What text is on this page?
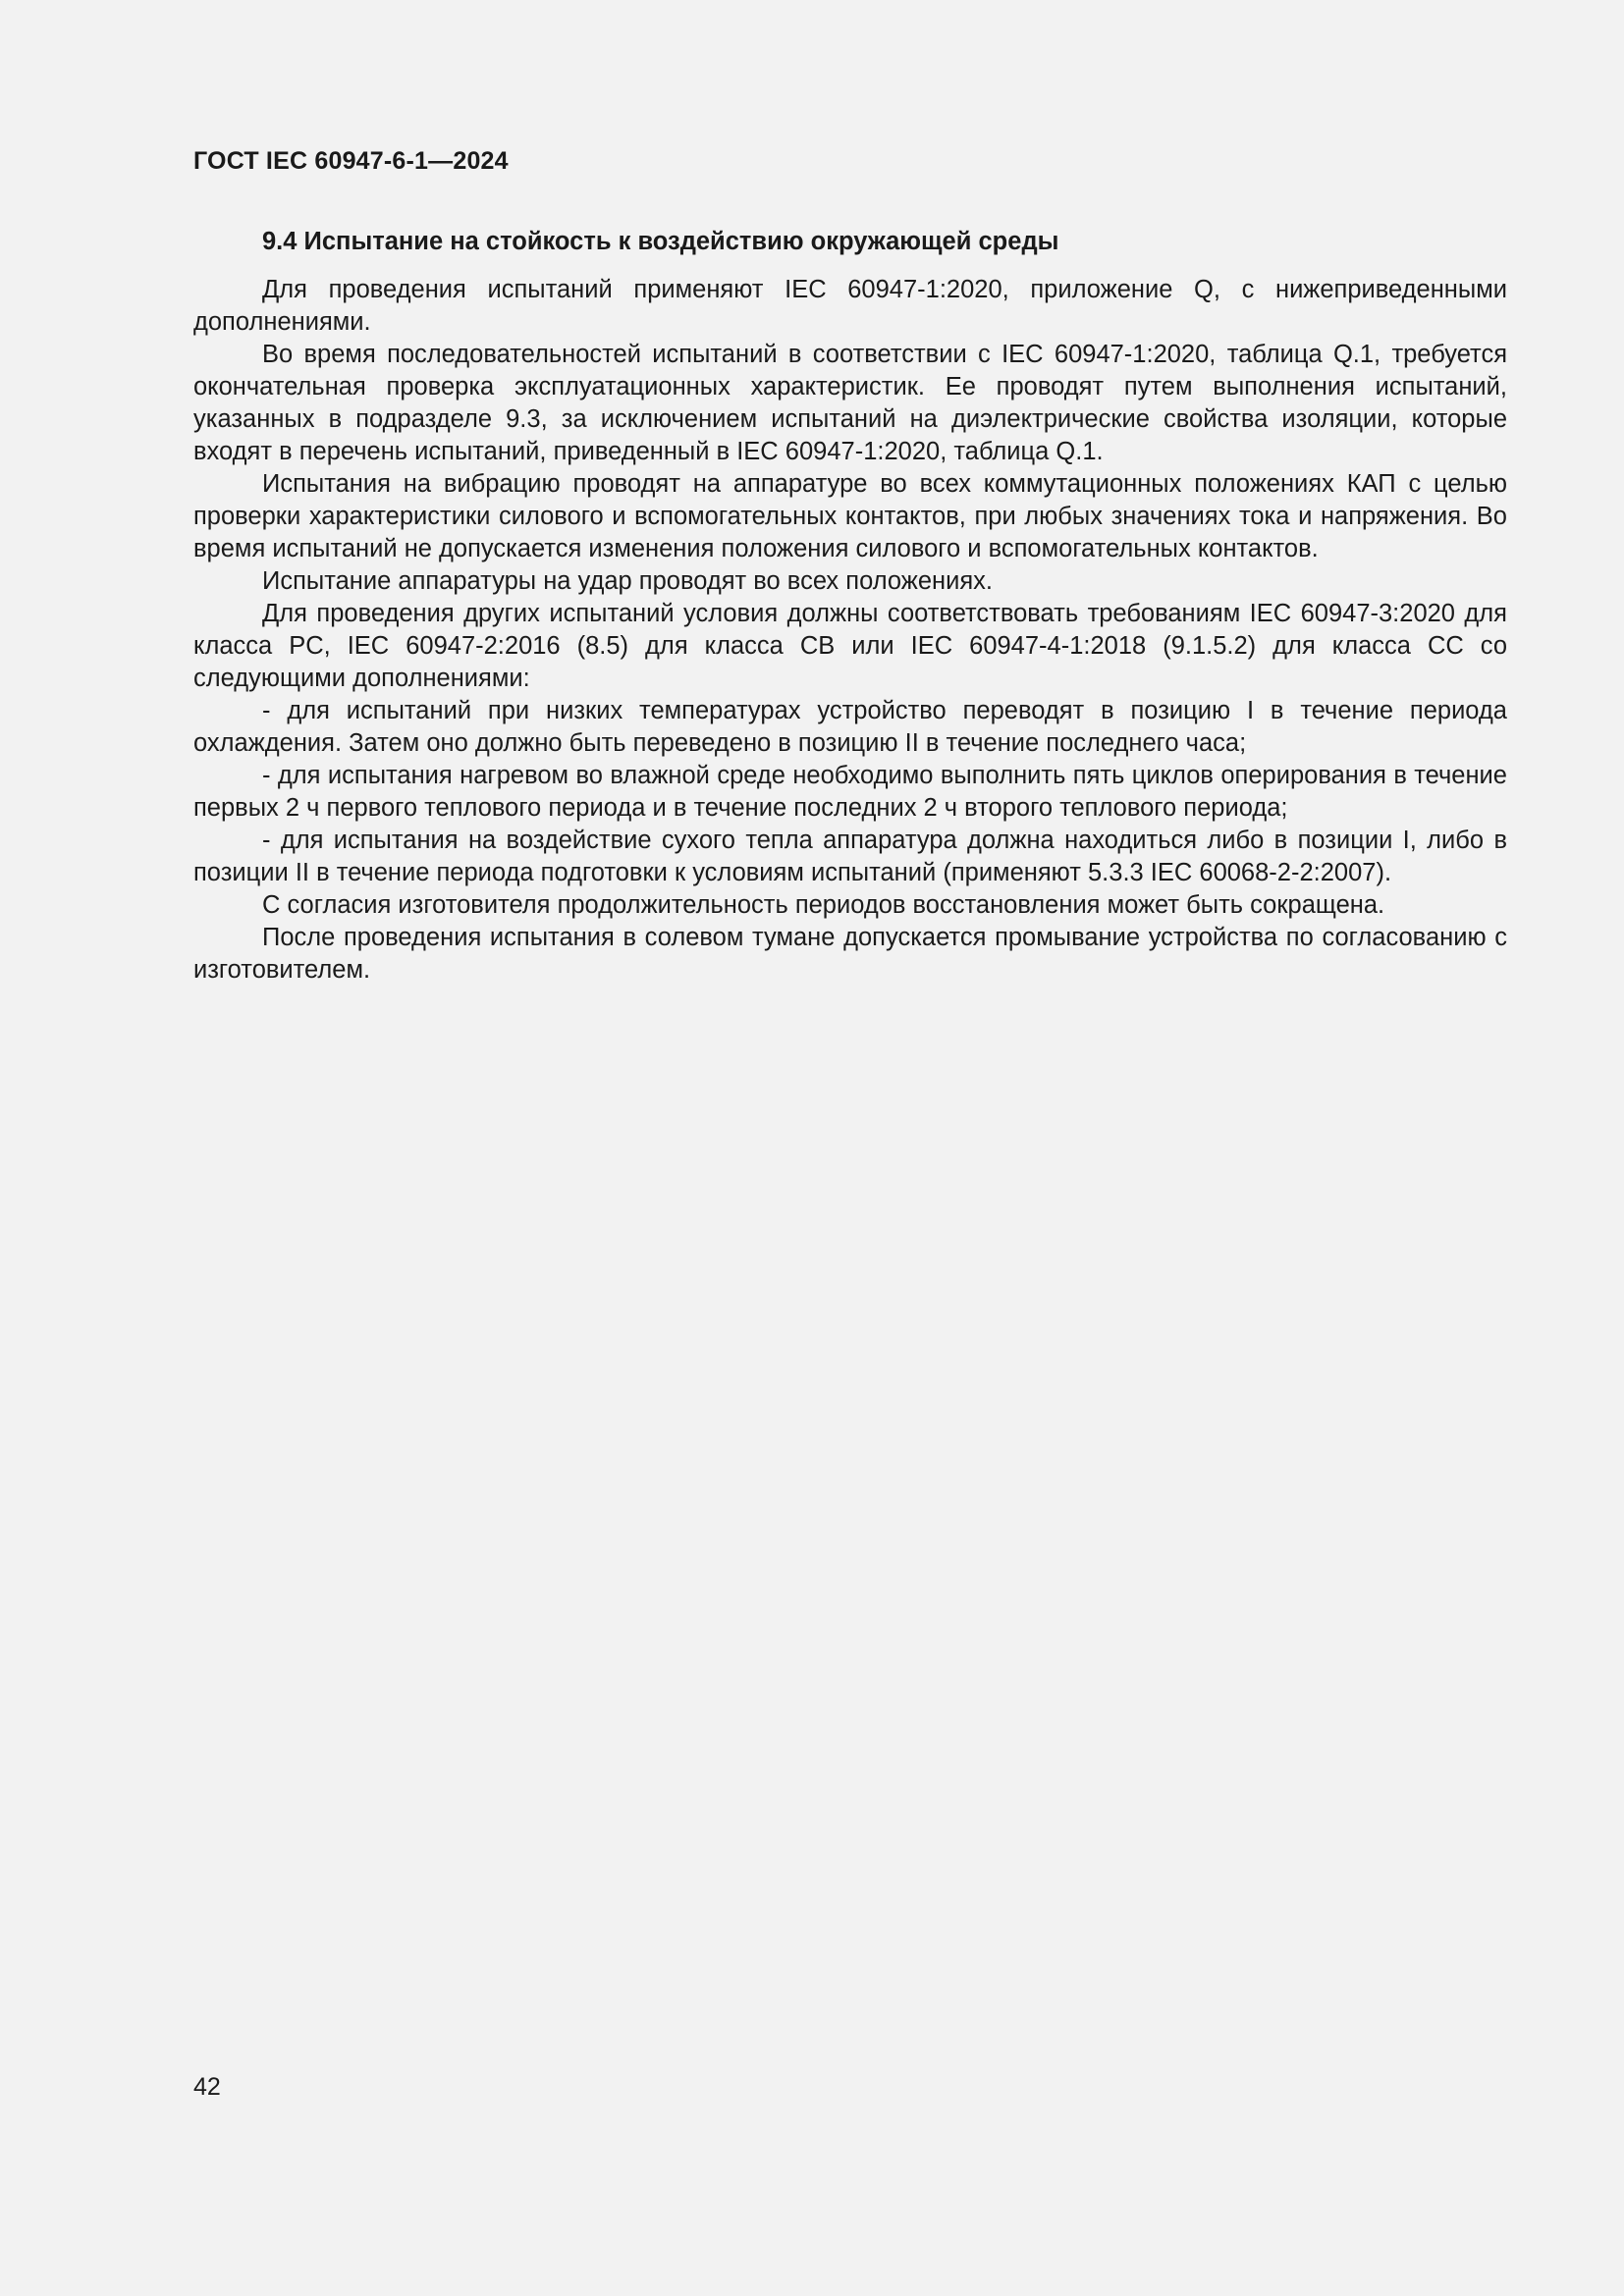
ГОСТ IEC 60947-6-1—2024

9.4 Испытание на стойкость к воздействию окружающей среды

Для проведения испытаний применяют IEC 60947-1:2020, приложение Q, с нижеприведенными дополнениями.

Во время последовательностей испытаний в соответствии с IEC 60947-1:2020, таблица Q.1, требуется окончательная проверка эксплуатационных характеристик. Ее проводят путем выполнения испытаний, указанных в подразделе 9.3, за исключением испытаний на диэлектрические свойства изоляции, которые входят в перечень испытаний, приведенный в IEC 60947-1:2020, таблица Q.1.

Испытания на вибрацию проводят на аппаратуре во всех коммутационных положениях КАП с целью проверки характеристики силового и вспомогательных контактов, при любых значениях тока и напряжения. Во время испытаний не допускается изменения положения силового и вспомогательных контактов.

Испытание аппаратуры на удар проводят во всех положениях.

Для проведения других испытаний условия должны соответствовать требованиям IEC 60947-3:2020 для класса PC, IEC 60947-2:2016 (8.5) для класса CB или IEC 60947-4-1:2018 (9.1.5.2) для класса CC со следующими дополнениями:

- для испытаний при низких температурах устройство переводят в позицию I в течение периода охлаждения. Затем оно должно быть переведено в позицию II в течение последнего часа;

- для испытания нагревом во влажной среде необходимо выполнить пять циклов оперирования в течение первых 2 ч первого теплового периода и в течение последних 2 ч второго теплового периода;

- для испытания на воздействие сухого тепла аппаратура должна находиться либо в позиции I, либо в позиции II в течение периода подготовки к условиям испытаний (применяют 5.3.3 IEC 60068-2-2:2007).

С согласия изготовителя продолжительность периодов восстановления может быть сокращена.

После проведения испытания в солевом тумане допускается промывание устройства по согласованию с изготовителем.

42
